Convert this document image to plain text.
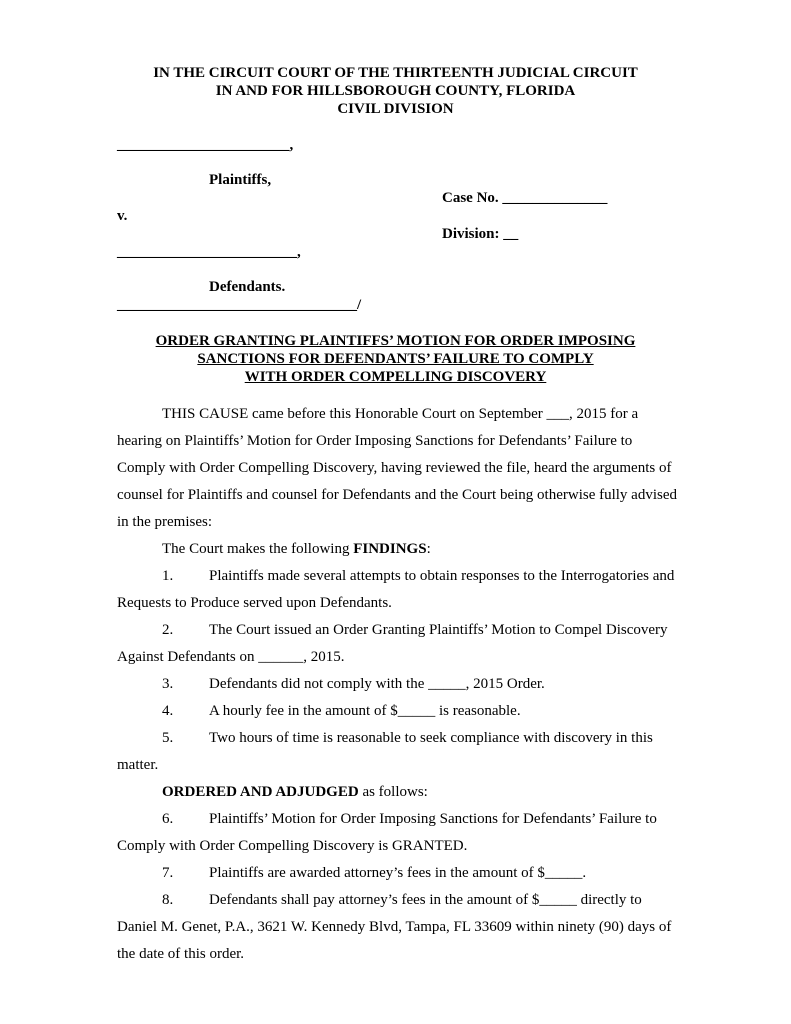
IN THE CIRCUIT COURT OF THE THIRTEENTH JUDICIAL CIRCUIT
IN AND FOR HILLSBOROUGH COUNTY, FLORIDA
CIVIL DIVISION
_______________________,
Plaintiffs,
Case No. ______________
v.
Division: __
________________________,
Defendants.
________________________________/
ORDER GRANTING PLAINTIFFS’ MOTION FOR ORDER IMPOSING
SANCTIONS FOR DEFENDANTS’ FAILURE TO COMPLY
WITH ORDER COMPELLING DISCOVERY

THIS CAUSE came before this Honorable Court on September ___, 2015 for a hearing on Plaintiffs’ Motion for Order Imposing Sanctions for Defendants’ Failure to Comply with Order Compelling Discovery, having reviewed the file, heard the arguments of counsel for Plaintiffs and counsel for Defendants and the Court being otherwise fully advised in the premises:

The Court makes the following FINDINGS:

1. Plaintiffs made several attempts to obtain responses to the Interrogatories and Requests to Produce served upon Defendants.

2. The Court issued an Order Granting Plaintiffs’ Motion to Compel Discovery Against Defendants on ______, 2015.

3. Defendants did not comply with the _____, 2015 Order.

4. A hourly fee in the amount of $_____ is reasonable.

5. Two hours of time is reasonable to seek compliance with discovery in this matter.

ORDERED AND ADJUDGED as follows:

6. Plaintiffs’ Motion for Order Imposing Sanctions for Defendants’ Failure to Comply with Order Compelling Discovery is GRANTED.

7. Plaintiffs are awarded attorney’s fees in the amount of $_____.

8. Defendants shall pay attorney’s fees in the amount of $_____ directly to Daniel M. Genet, P.A., 3621 W. Kennedy Blvd, Tampa, FL 33609 within ninety (90) days of the date of this order.
